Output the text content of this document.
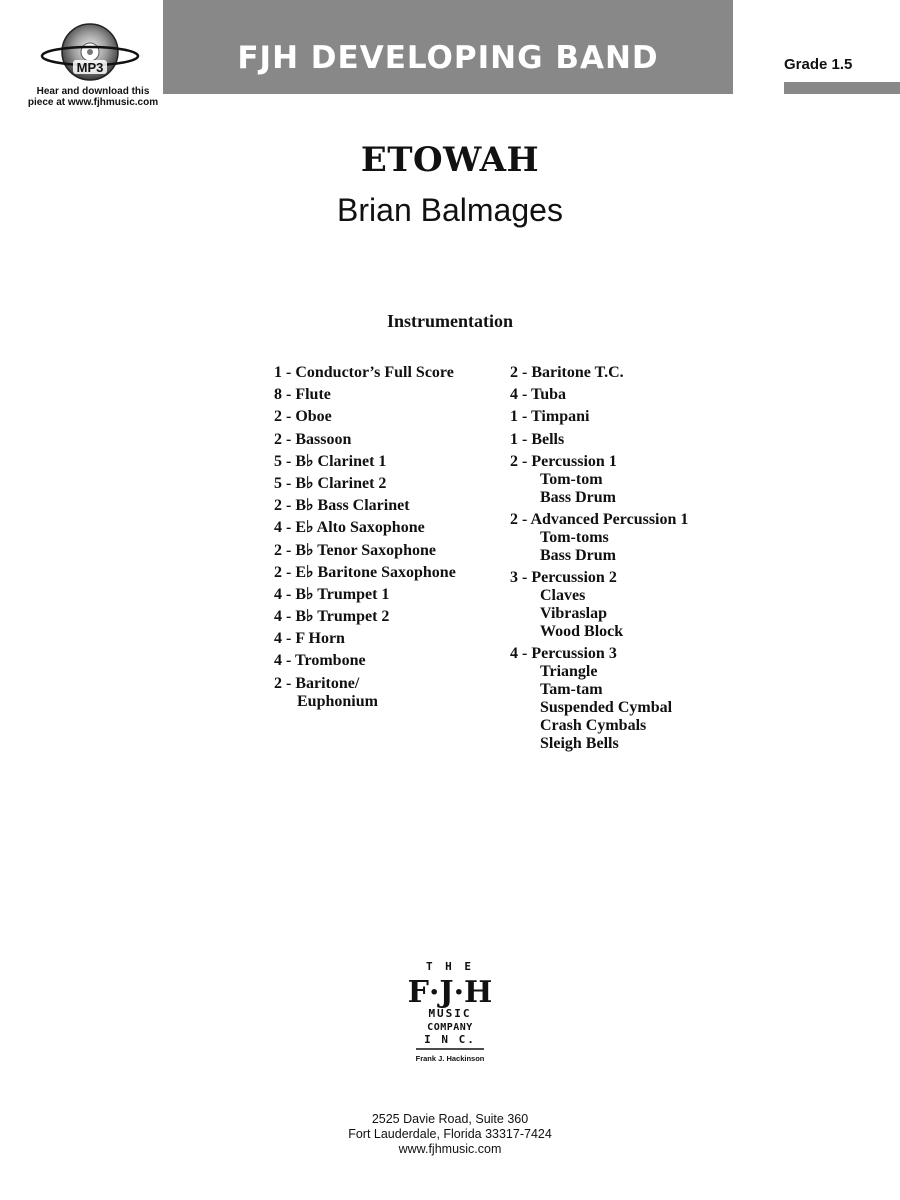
MP3
Hear and download this
piece at www.fjhmusic.com
FJH DEVELOPING BAND	Grade 1.5
ETOWAH
Brian Balmages
Instrumentation
1 - Conductor’s Full Score
8 - Flute
2 - Oboe
2 - Bassoon
5 - B♭ Clarinet 1
5 - B♭ Clarinet 2
2 - B♭ Bass Clarinet
4 - E♭ Alto Saxophone
2 - B♭ Tenor Saxophone
2 - E♭ Baritone Saxophone
4 - B♭ Trumpet 1
4 - B♭ Trumpet 2
4 - F Horn
4 - Trombone
2 - Baritone/
Euphonium
2 - Baritone T.C.
4 - Tuba
1 - Timpani
1 - Bells
2 - Percussion 1
Tom-tom
Bass Drum
2 - Advanced Percussion 1
Tom-toms
Bass Drum
3 - Percussion 2
Claves
Vibraslap
Wood Block
4 - Percussion 3
Triangle
Tam-tam
Suspended Cymbal
Crash Cymbals
Sleigh Bells
T H E
F·J·H
MUSIC
COMPANY
I N C.
Frank J. Hackinson
2525 Davie Road, Suite 360
Fort Lauderdale, Florida 33317-7424
www.fjhmusic.com
